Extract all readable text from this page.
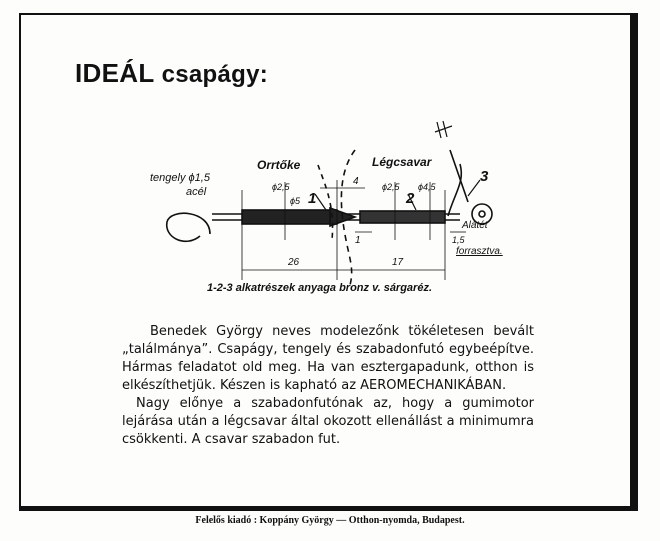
IDEÁL csapágy:
tengely ϕ1,5
acél
Orrtőke	Légcsavar
ϕ2,5	ϕ2,5 ϕ4,5
ϕ5
4
1
1
2
3
1,5
26	17
Alátét
forrasztva.
1-2-3 alkatrészek anyaga bronz v. sárgaréz.

Benedek György neves modelezőnk tökéletesen bevált „találmánya”. Csapágy, tengely és szabadonfutó egybeépítve. Hármas feladatot old meg. Ha van esztergapadunk, otthon is elkészíthetjük. Készen is kapható az AEROMECHANIKÁBAN.

Nagy előnye a szabadonfutónak az, hogy a gumimotor lejárása után a légcsavar által okozott ellenállást a minimumra csökkenti. A csavar szabadon fut.

Felelős kiadó : Koppány György — Otthon-nyomda, Budapest.
